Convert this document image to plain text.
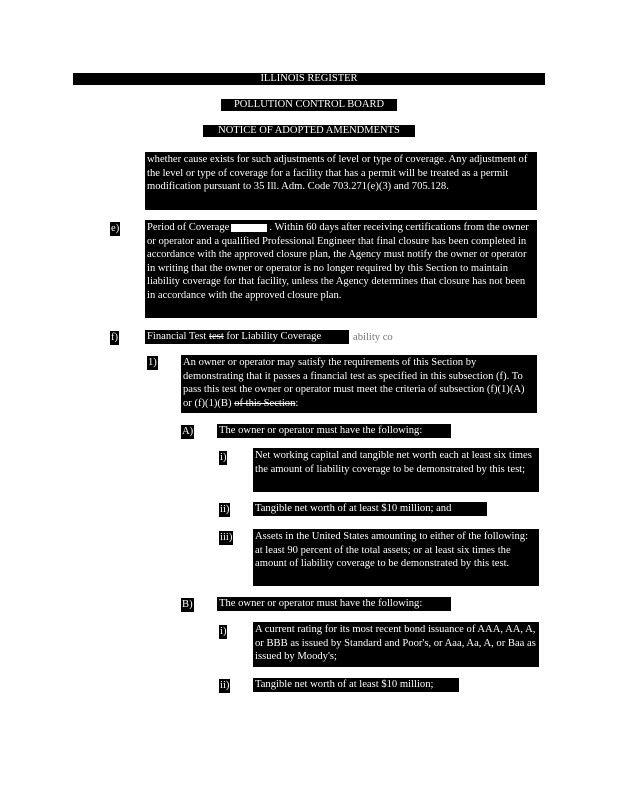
ILLINOIS REGISTER
POLLUTION CONTROL BOARD
NOTICE OF ADOPTED AMENDMENTS
whether cause exists for such adjustments of level or type of coverage. Any adjustment of the level or type of coverage for a facility that has a permit will be treated as a permit modification pursuant to 35 Ill. Adm. Code 703.271(e)(3) and 705.128.
e)	Period of Coverage	. Within 60 days after receiving certifications from the owner or operator and a qualified Professional Engineer that final closure has been completed in accordance with the approved closure plan, the Agency must notify the owner or operator in writing that the owner or operator is no longer required by this Section to maintain liability coverage for that facility, unless the Agency determines that closure has not been in accordance with the approved closure plan.
f)	Financial Test test for Liability Coverage	ability co
1) An owner or operator may satisfy the requirements of this Section by demonstrating that it passes a financial test as specified in this subsection (f). To pass this test the owner or operator must meet the criteria of subsection (f)(1)(A) or (f)(1)(B) of this Section:
A) The owner or operator must have the following:
i)	Net working capital and tangible net worth each at least six times the amount of liability coverage to be demonstrated by this test;
ii) Tangible net worth of at least $10 million; and
iii) Assets in the United States amounting to either of the following: at least 90 percent of the total assets; or at least six times the amount of liability coverage to be demonstrated by this test.
B) The owner or operator must have the following:
i)	A current rating for its most recent bond issuance of AAA, AA, A, or BBB as issued by Standard and Poor's, or Aaa, Aa, A, or Baa as issued by Moody's;
ii) Tangible net worth of at least $10 million;
